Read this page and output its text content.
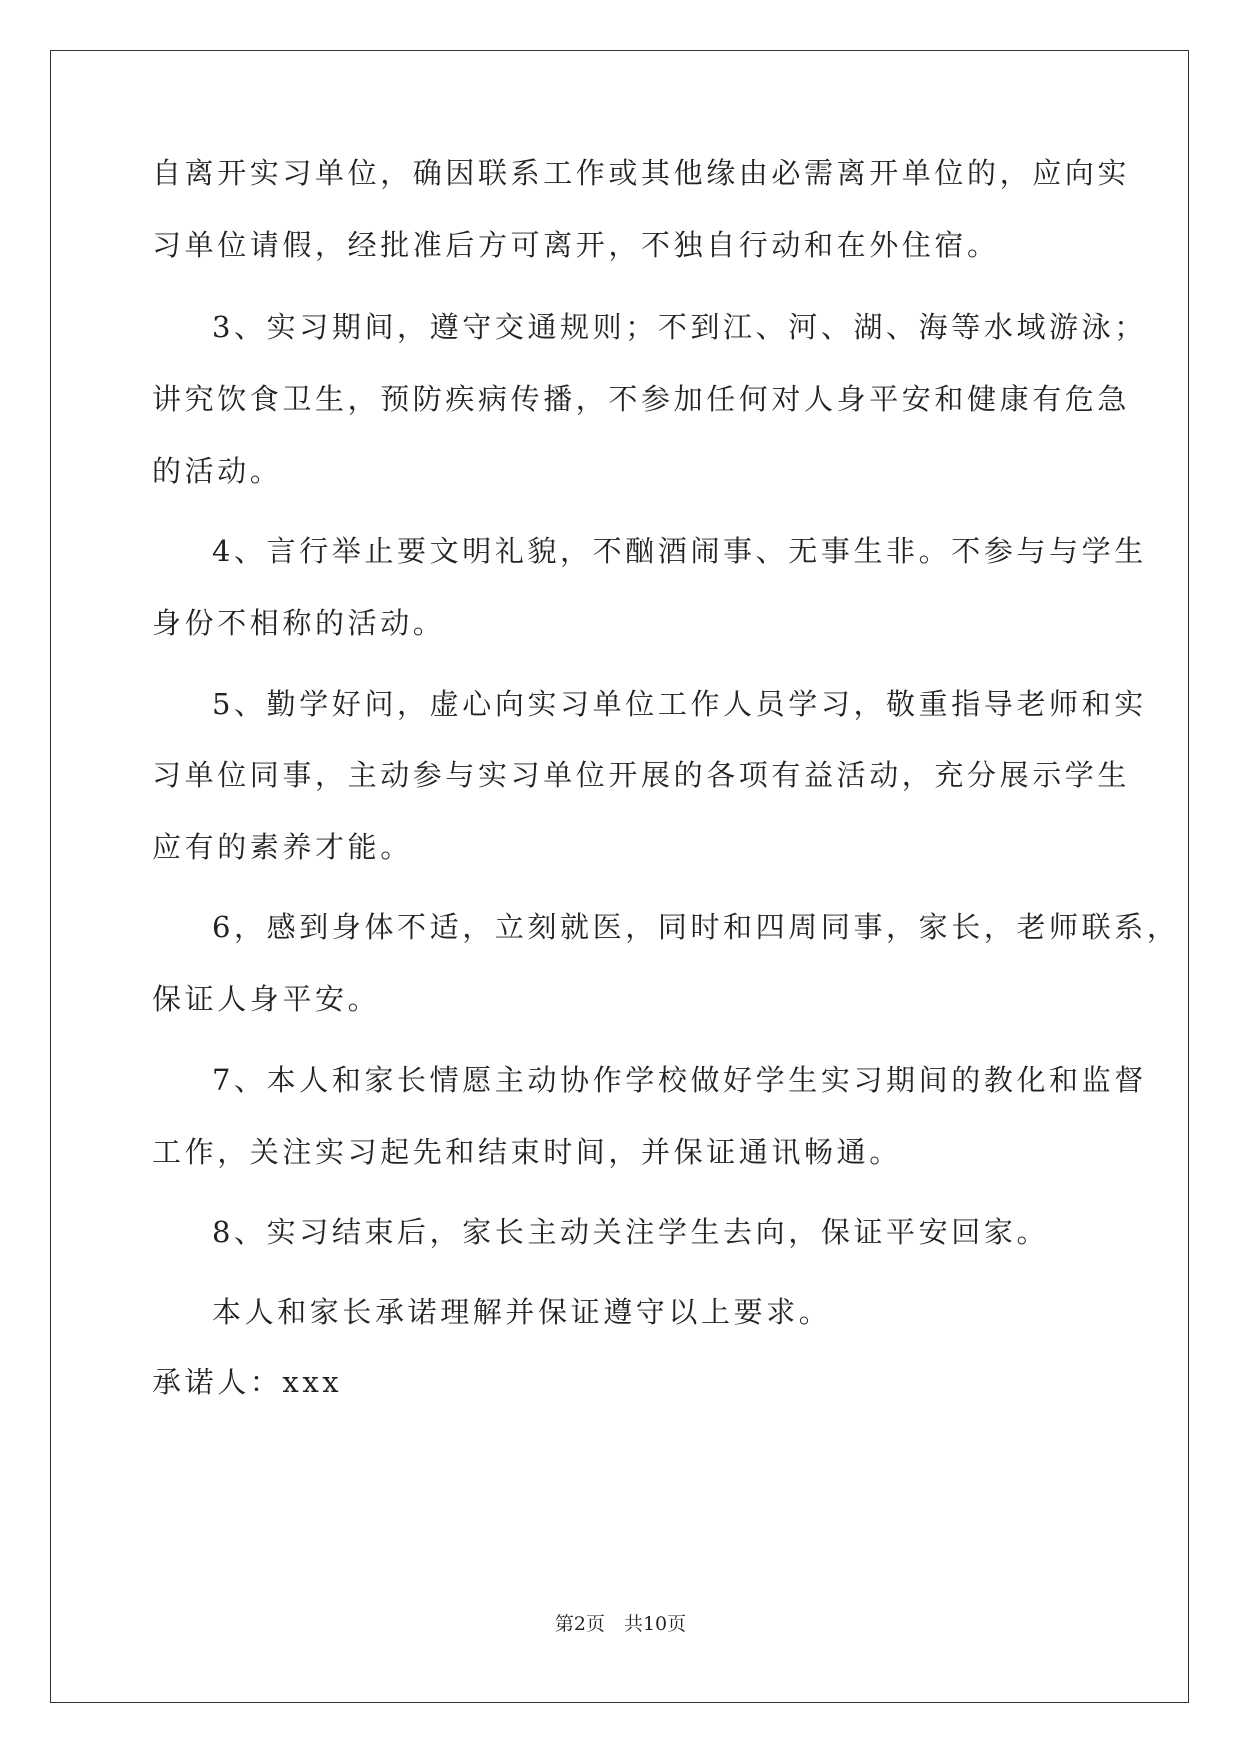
自离开实习单位，确因联系工作或其他缘由必需离开单位的，应向实
习单位请假，经批准后方可离开，不独自行动和在外住宿。
3、实习期间，遵守交通规则；不到江、河、湖、海等水域游泳；
讲究饮食卫生，预防疾病传播，不参加任何对人身平安和健康有危急
的活动。
4、言行举止要文明礼貌，不酗酒闹事、无事生非。不参与与学生
身份不相称的活动。
5、勤学好问，虚心向实习单位工作人员学习，敬重指导老师和实
习单位同事，主动参与实习单位开展的各项有益活动，充分展示学生
应有的素养才能。
6，感到身体不适，立刻就医，同时和四周同事，家长，老师联系，
保证人身平安。
7、本人和家长情愿主动协作学校做好学生实习期间的教化和监督
工作，关注实习起先和结束时间，并保证通讯畅通。
8、实习结束后，家长主动关注学生去向，保证平安回家。
本人和家长承诺理解并保证遵守以上要求。
承诺人：xxx
第2页　共10页
